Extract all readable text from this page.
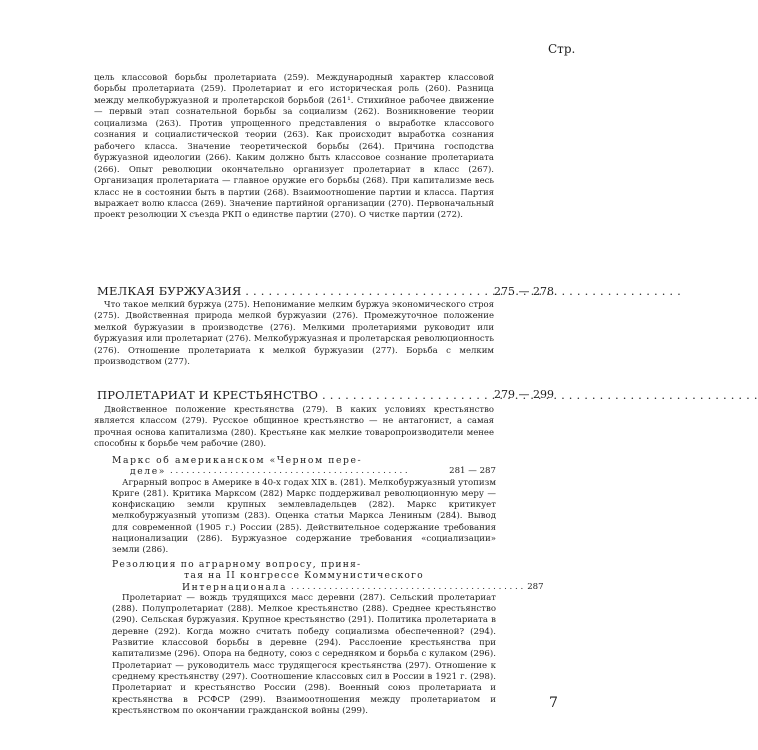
Стр.
цель классовой борьбы пролетариата (259). Международный характер классовой борьбы пролетариата (259). Пролетариат и его историческая роль (260). Разница между мелкобуржуазной и пролетарской борьбой (261¹. Стихийное рабочее движение — первый этап сознательной борьбы за социализм (262). Возникновение теории социализма (263). Против упрощенного представления о выработке классового сознания и социалистической теории (263). Как происходит выработка сознания рабочего класса. Значение теоретической борьбы (264). Причина господства буржуазной идеологии (266). Каким должно быть классовое сознание пролетариата (266). Опыт революции окончательно организует пролетариат в класс (267). Организация пролетариата — главное оружие его борьбы (268). При капитализме весь класс не в состоянии быть в партии (268). Взаимоотношение партии и класса. Партия выражает волю класса (269). Значение партийной организации (270). Первоначальный проект резолюции X съезда РКП о единстве партии (270). О чистке партии (272).
МЕЛКАЯ БУРЖУАЗИЯ . . .	275 — 278
Что такое мелкий буржуа (275). Непонимание мелким буржуа экономического строя (275). Двойственная природа мелкой буржуазии (276). Промежуточное положение мелкой буржуазии в производстве (276). Мелкими пролетариями руководит или буржуазия или пролетариат (276). Мелкобуржуазная и пролетарская революционность (276). Отношение пролетариата к мелкой буржуазии (277). Борьба с мелким производством (277).
ПРОЛЕТАРИАТ И КРЕСТЬЯНСТВО . . .	279 — 299
Двойственное положение крестьянства (279). В каких условиях крестьянство является классом (279). Русское общинное крестьянство — не антагонист, а самая прочная основа капитализма (280). Крестьяне как мелкие товаропроизводители менее способны к борьбе чем рабочие (280).
Маркс об американском «Черном пере-
деле» . . . . . . . . . . . . . . . . . . . . . . . . . . . . . . . . . . . . . . . . . . . .	281 — 287
Аграрный вопрос в Америке в 40-х годах XIX в. (281). Мелкобуржуазный утопизм Криге (281). Критика Марксом (282) Маркс поддерживал революционную меру — конфискацию земли крупных землевладельцев (282). Маркс критикует мелкобуржуазный утопизм (283). Оценка статьи Маркса Лениным (284). Вывод для современной (1905 г.) России (285). Действительное содержание требования национализации (286). Буржуазное содержание требования «социализации» земли (286).
Резолюция по аграрному вопросу, приня-
тая на II конгрессе Коммунистического
Интернационала . . . . . . . . . . . . . . . . . . . . . . . . . . . . . . . . . . . . . . . . . . . 287
Пролетариат — вождь трудящихся масс деревни (287). Сельский пролетариат (288). Полупролетариат (288). Мелкое крестьянство (288). Среднее крестьянство (290). Сельская буржуазия. Крупное крестьянство (291). Политика пролетариата в деревне (292). Когда можно считать победу социализма обеспеченной? (294). Развитие классовой борьбы в деревне (294). Расслоение крестьянства при капитализме (296). Опора на бедноту, союз с середняком и борьба с кулаком (296). Пролетариат — руководитель масс трудящегося крестьянства (297). Отношение к среднему крестьянству (297). Соотношение классовых сил в России в 1921 г. (298). Пролетариат и крестьянство России (298). Военный союз пролетариата и крестьянства в РСФСР (299). Взаимоотношения между пролетариатом и крестьянством по окончании гражданской войны (299).	7
